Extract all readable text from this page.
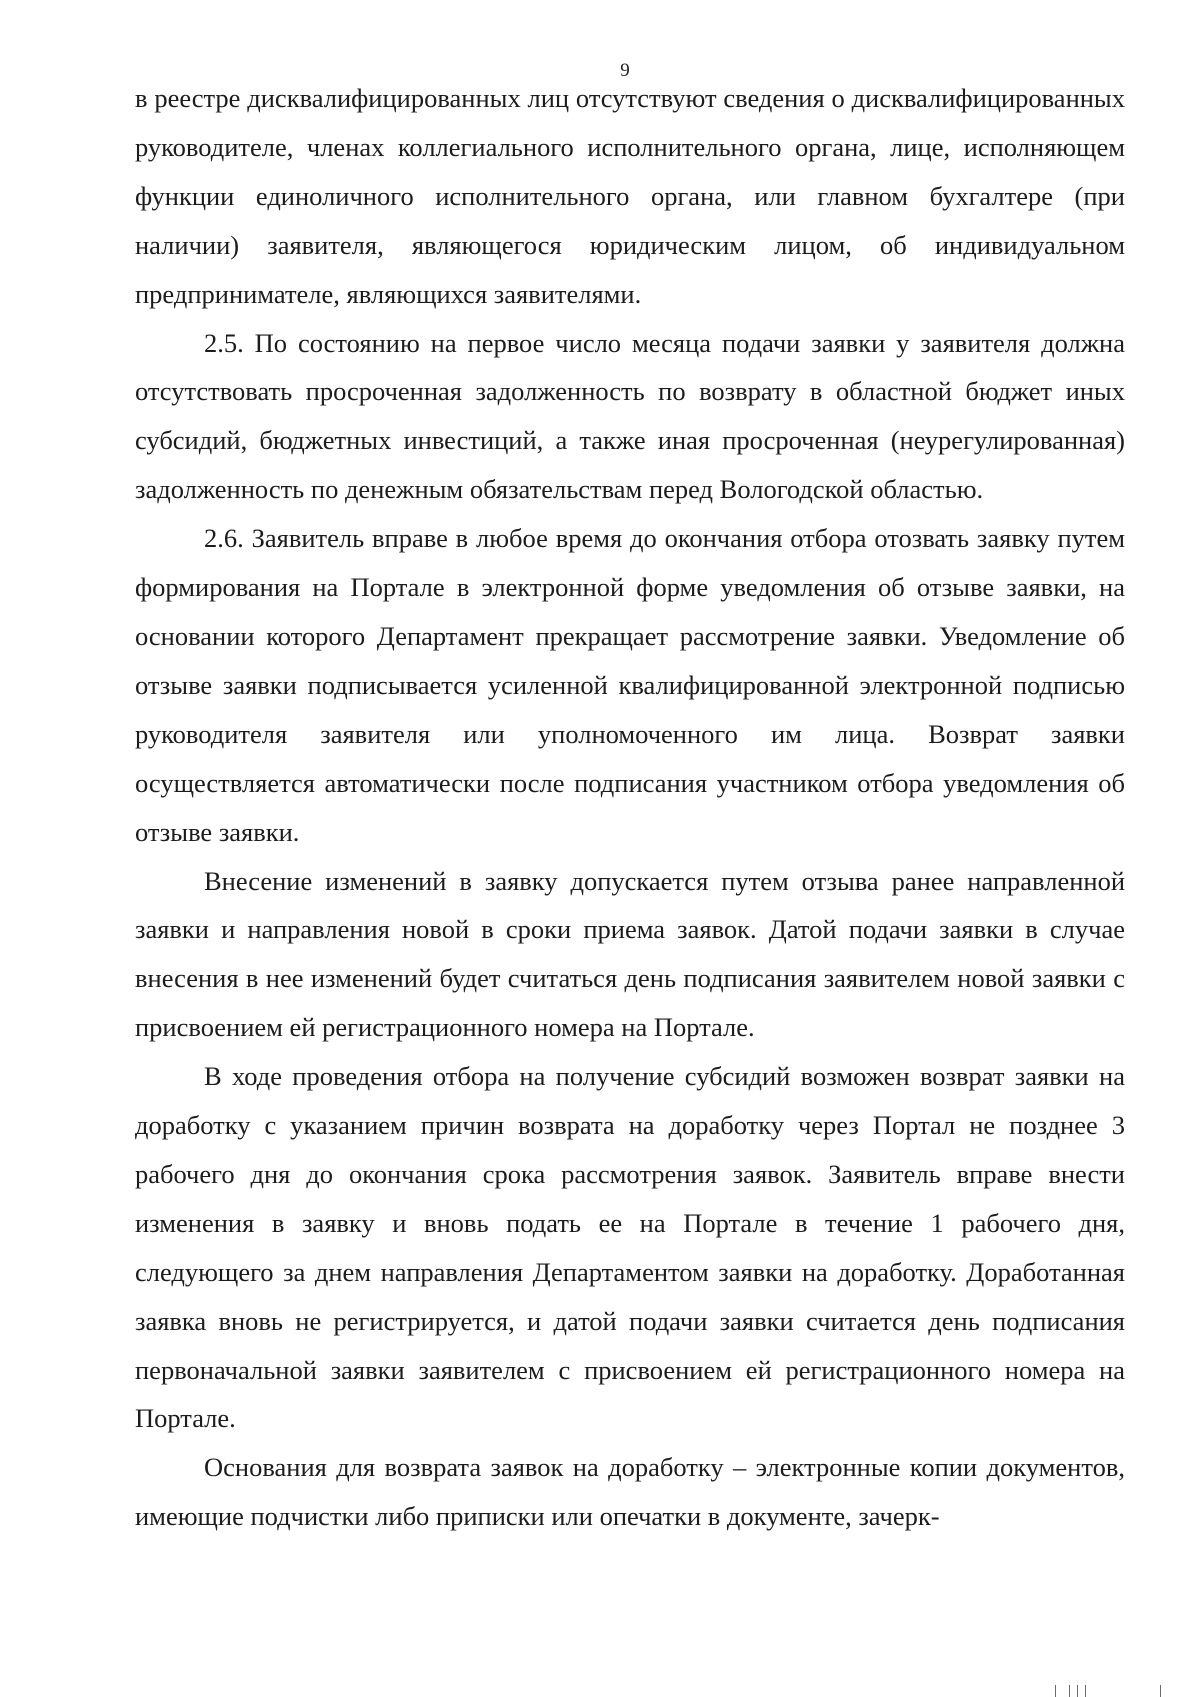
9

в реестре дисквалифицированных лиц отсутствуют сведения о дисквалифицированных руководителе, членах коллегиального исполнительного органа, лице, исполняющем функции единоличного исполнительного органа, или главном бухгалтере (при наличии) заявителя, являющегося юридическим лицом, об индивидуальном предпринимателе, являющихся заявителями.

2.5. По состоянию на первое число месяца подачи заявки у заявителя должна отсутствовать просроченная задолженность по возврату в областной бюджет иных субсидий, бюджетных инвестиций, а также иная просроченная (неурегулированная) задолженность по денежным обязательствам перед Вологодской областью.

2.6. Заявитель вправе в любое время до окончания отбора отозвать заявку путем формирования на Портале в электронной форме уведомления об отзыве заявки, на основании которого Департамент прекращает рассмотрение заявки. Уведомление об отзыве заявки подписывается усиленной квалифицированной электронной подписью руководителя заявителя или уполномоченного им лица. Возврат заявки осуществляется автоматически после подписания участником отбора уведомления об отзыве заявки.

Внесение изменений в заявку допускается путем отзыва ранее направленной заявки и направления новой в сроки приема заявок. Датой подачи заявки в случае внесения в нее изменений будет считаться день подписания заявителем новой заявки с присвоением ей регистрационного номера на Портале.

В ходе проведения отбора на получение субсидий возможен возврат заявки на доработку с указанием причин возврата на доработку через Портал не позднее 3 рабочего дня до окончания срока рассмотрения заявок. Заявитель вправе внести изменения в заявку и вновь подать ее на Портале в течение 1 рабочего дня, следующего за днем направления Департаментом заявки на доработку. Доработанная заявка вновь не регистрируется, и датой подачи заявки считается день подписания первоначальной заявки заявителем с присвоением ей регистрационного номера на Портале.

Основания для возврата заявок на доработку – электронные копии документов, имеющие подчистки либо приписки или опечатки в документе, зачерк-
